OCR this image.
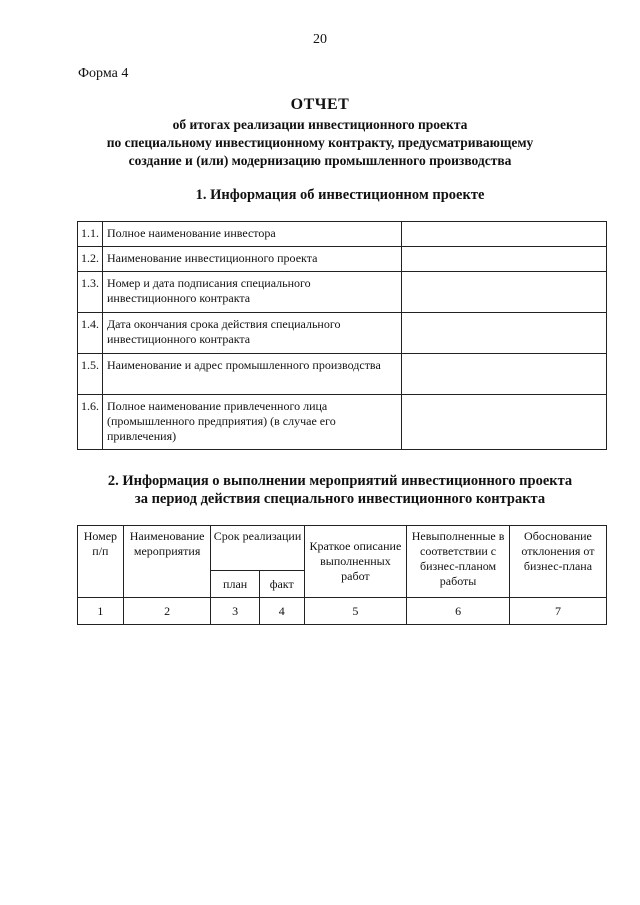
20
Форма 4
ОТЧЕТ
об итогах реализации инвестиционного проекта
по специальному инвестиционному контракту, предусматривающему
создание и (или) модернизацию промышленного производства
1. Информация об инвестиционном проекте
1.1.	Полное наименование инвестора	
1.2.	Наименование инвестиционного проекта	
1.3.	Номер и дата подписания специального инвестиционного контракта	
1.4.	Дата окончания срока действия специального инвестиционного контракта	
1.5.	Наименование и адрес промышленного производства	
1.6.	Полное наименование привлеченного лица (промышленного предприятия) (в случае его привлечения)	
2. Информация о выполнении мероприятий инвестиционного проекта
за период действия специального инвестиционного контракта
Номер п/п	Наименование мероприятия	Срок реализации		Краткое описание выполненных работ	Невыполненные в соответствии с бизнес-планом работы	Обоснование отклонения от бизнес-плана
		план	факт			
1	2	3	4	5	6	7
